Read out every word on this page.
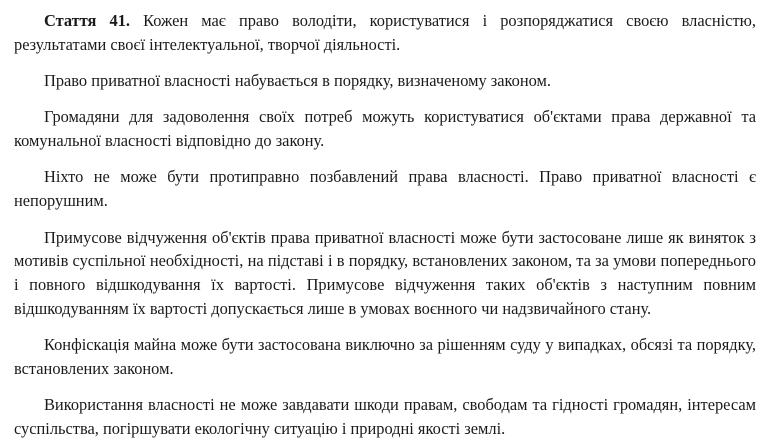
Стаття 41. Кожен має право володіти, користуватися і розпоряджатися своєю власністю, результатами своєї інтелектуальної, творчої діяльності.

Право приватної власності набувається в порядку, визначеному законом.

Громадяни для задоволення своїх потреб можуть користуватися об'єктами права державної та комунальної власності відповідно до закону.

Ніхто не може бути протиправно позбавлений права власності. Право приватної власності є непорушним.

Примусове відчуження об'єктів права приватної власності може бути застосоване лише як виняток з мотивів суспільної необхідності, на підставі і в порядку, встановлених законом, та за умови попереднього і повного відшкодування їх вартості. Примусове відчуження таких об'єктів з наступним повним відшкодуванням їх вартості допускається лише в умовах воєнного чи надзвичайного стану.

Конфіскація майна може бути застосована виключно за рішенням суду у випадках, обсязі та порядку, встановлених законом.

Використання власності не може завдавати шкоди правам, свободам та гідності громадян, інтересам суспільства, погіршувати екологічну ситуацію і природні якості землі.
